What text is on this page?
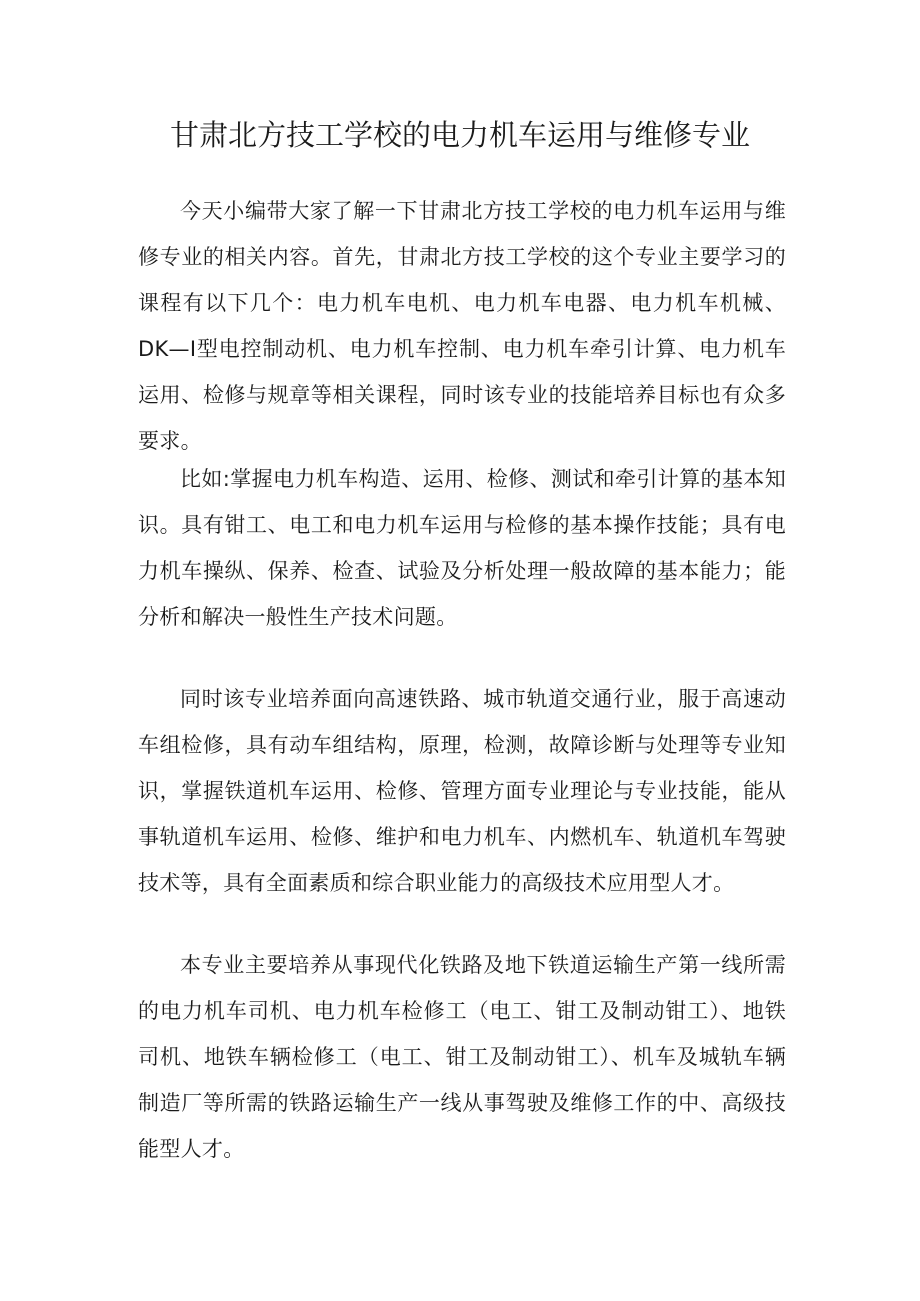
甘肃北方技工学校的电力机车运用与维修专业

今天小编带大家了解一下甘肃北方技工学校的电力机车运用与维修专业的相关内容。首先，甘肃北方技工学校的这个专业主要学习的课程有以下几个：电力机车电机、电力机车电器、电力机车机械、DK—I型电控制动机、电力机车控制、电力机车牵引计算、电力机车运用、检修与规章等相关课程，同时该专业的技能培养目标也有众多要求。

比如:掌握电力机车构造、运用、检修、测试和牵引计算的基本知识。具有钳工、电工和电力机车运用与检修的基本操作技能；具有电力机车操纵、保养、检查、试验及分析处理一般故障的基本能力；能分析和解决一般性生产技术问题。

同时该专业培养面向高速铁路、城市轨道交通行业，服于高速动车组检修，具有动车组结构，原理，检测，故障诊断与处理等专业知识，掌握铁道机车运用、检修、管理方面专业理论与专业技能，能从事轨道机车运用、检修、维护和电力机车、内燃机车、轨道机车驾驶技术等，具有全面素质和综合职业能力的高级技术应用型人才。

本专业主要培养从事现代化铁路及地下铁道运输生产第一线所需的电力机车司机、电力机车检修工（电工、钳工及制动钳工）、地铁司机、地铁车辆检修工（电工、钳工及制动钳工）、机车及城轨车辆制造厂等所需的铁路运输生产一线从事驾驶及维修工作的中、高级技能型人才。
